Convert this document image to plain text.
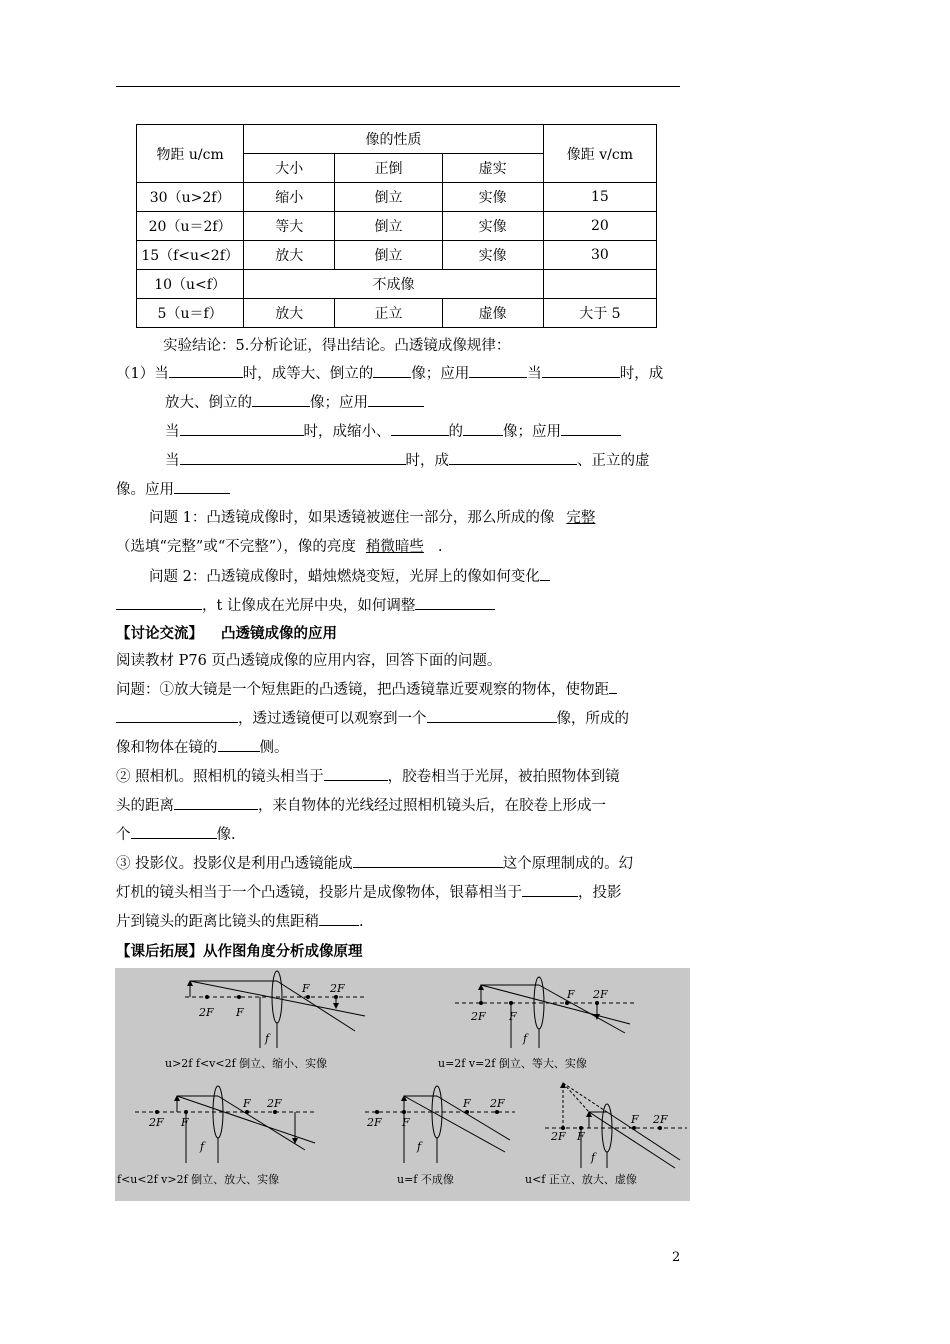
物距 u/cm	像的性质			像距 v/cm
	大小	正倒	虚实	
30（u>2f）	缩小	倒立	实像	15
20（u＝2f）	等大	倒立	实像	20
15（f<u<2f）	放大	倒立	实像	30
10（u<f）	不成像			
5（u＝f）	放大	正立	虚像	大于 5
实验结论：5.分析论证，得出结论。凸透镜成像规律：
（1）当	时，成等大、倒立的	像；应用	当	时，成
放大、倒立的	像；应用
当	时，成缩小、	的	像；应用
当	时，成	、正立的虚
像。应用
问题 1：凸透镜成像时，如果透镜被遮住一部分，那么所成的像 完整
（选填“完整”或“不完整”），像的亮度 稍微暗些 .
问题 2：凸透镜成像时，蜡烛燃烧变短，光屏上的像如何变化
，t 让像成在光屏中央，如何调整
【讨论交流】 凸透镜成像的应用
阅读教材 P76 页凸透镜成像的应用内容，回答下面的问题。
问题：①放大镜是一个短焦距的凸透镜，把凸透镜靠近要观察的物体，使物距
，透过透镜便可以观察到一个	像，所成的
像和物体在镜的	侧。
② 照相机。照相机的镜头相当于	，胶卷相当于光屏，被拍照物体到镜
头的距离	，来自物体的光线经过照相机镜头后，在胶卷上形成一
个	像.
③ 投影仪。投影仪是利用凸透镜能成	这个原理制成的。幻
灯机的镜头相当于一个凸透镜，投影片是成像物体，银幕相当于	，投影
片到镜头的距离比镜头的焦距稍	.
【课后拓展】从作图角度分析成像原理
2F F
F 2F
f
u>2f f<v<2f 倒立、缩小、实像
2F F
F 2F
f
u=2f v=2f 倒立、等大、实像
2F F
F 2F
f
f<u<2f v>2f 倒立、放大、实像
2F F
F 2F
f
u=f 不成像
2F F
F 2F
f
u<f 正立、放大、虚像
2
